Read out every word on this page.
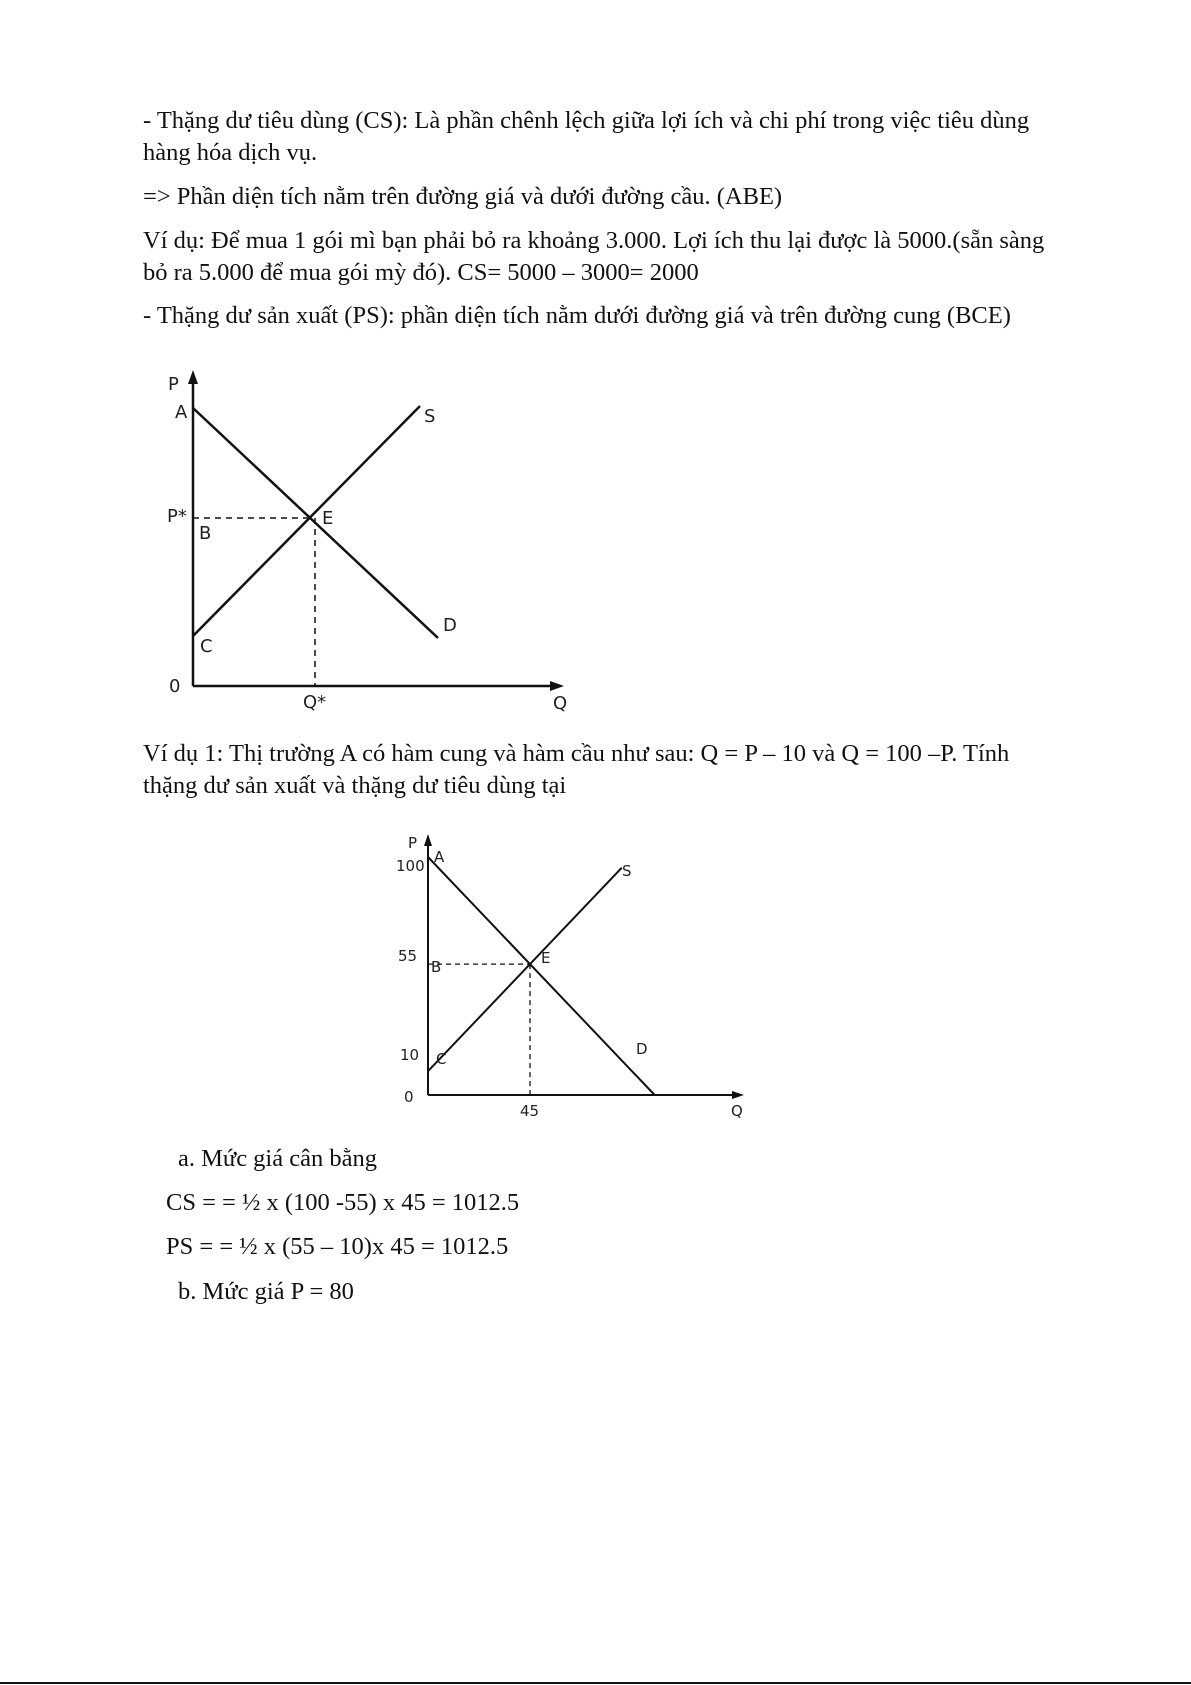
- Thặng dư tiêu dùng (CS): Là phần chênh lệch giữa lợi ích và chi phí trong việc tiêu dùng hàng hóa dịch vụ.

=> Phần diện tích nằm trên đường giá và dưới đường cầu. (ABE)

Ví dụ: Để mua 1 gói mì bạn phải bỏ ra khoảng 3.000. Lợi ích thu lại được là 5000.(sẵn sàng bỏ ra 5.000 để mua gói mỳ đó). CS= 5000 – 3000= 2000

- Thặng dư sản xuất (PS): phần diện tích nằm dưới đường giá và trên đường cung (BCE)

P

A	S

P*

B

E

D

C

0

Q*	Q

Ví dụ 1: Thị trường A có hàm cung và hàm cầu như sau: Q = P – 10 và Q = 100 –P. Tính thặng dư sản xuất và thặng dư tiêu dùng tại

P

100 A

S

55

B	E

D

10 C

0

45	Q

a. Mức giá cân bằng

CS = = ½ x (100 -55) x 45 = 1012.5

PS = = ½ x (55 – 10)x 45 = 1012.5

b. Mức giá P = 80
